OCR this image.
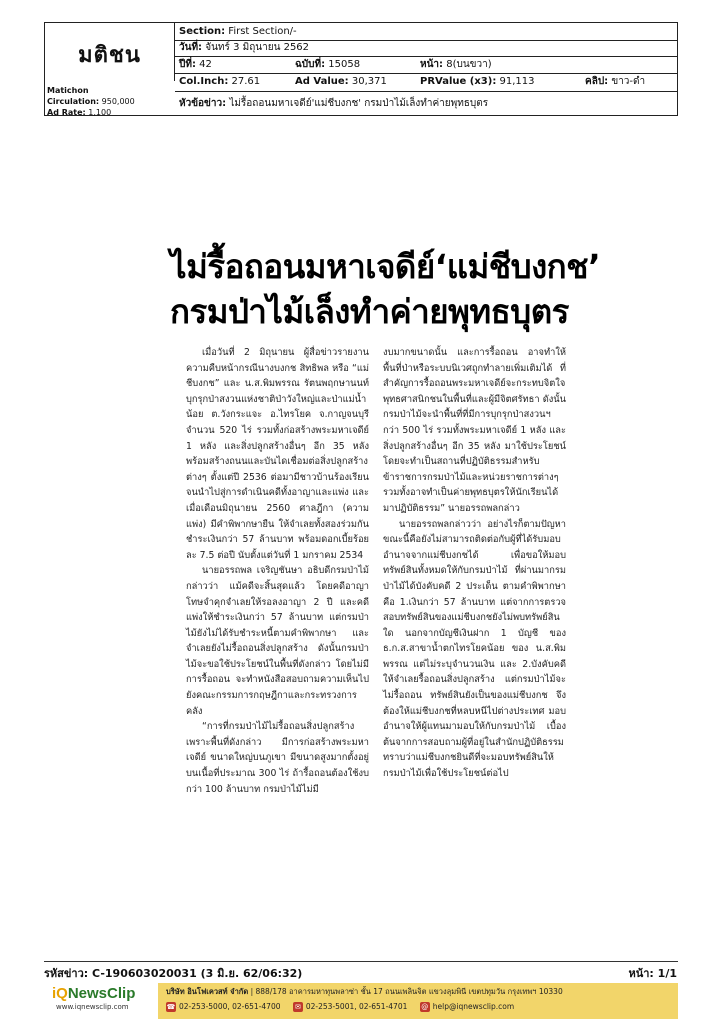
มติชน
Matichon
Circulation: 950,000
Ad Rate: 1,100
Section: First Section/-
วันที่: จันทร์ 3 มิถุนายน 2562
ปีที่: 42	ฉบับที่: 15058	หน้า: 8(บนขวา)
Col.Inch: 27.61	Ad Value: 30,371	PRValue (x3): 91,113	คลิป: ขาว-ดำ
หัวข้อข่าว: ไม่รื้อถอนมหาเจดีย์'แม่ชีบงกช' กรมป่าไม้เล็งทำค่ายพุทธบุตร
ไม่รื้อถอนมหาเจดีย์‘แม่ชีบงกช’
กรมป่าไม้เล็งทำค่ายพุทธบุตร

เมื่อวันที่ 2 มิถุนายน ผู้สื่อข่าวรายงานความคืบหน้ากรณีนางบงกช สิทธิพล หรือ “แม่ชีบงกช” และ น.ส.พิมพรรณ รัตนพฤกษานนท์ บุกรุกป่าสงวนแห่งชาติป่าวังใหญ่และป่าแม่น้ำน้อย ต.วังกระแจะ อ.ไทรโยค จ.กาญจนบุรี จำนวน 520 ไร่ รวมทั้งก่อสร้างพระมหาเจดีย์ 1 หลัง และสิ่งปลูกสร้างอื่นๆ อีก 35 หลัง พร้อมสร้างถนนและบันไดเชื่อมต่อสิ่งปลูกสร้างต่างๆ ตั้งแต่ปี 2536 ต่อมามีชาวบ้านร้องเรียน จนนำไปสู่การดำเนินคดีทั้งอาญาและแพ่ง และเมื่อเดือนมิถุนายน 2560 ศาลฎีกา (ความแพ่ง) มีคำพิพากษายืน ให้จำเลยทั้งสองร่วมกันชำระเงินกว่า 57 ล้านบาท พร้อมดอกเบี้ยร้อยละ 7.5 ต่อปี นับตั้งแต่วันที่ 1 มกราคม 2534

นายอรรถพล เจริญชันษา อธิบดีกรมป่าไม้ กล่าวว่า แม้คดีจะสิ้นสุดแล้ว โดยคดีอาญาโทษจำคุกจำเลยให้รอลงอาญา 2 ปี และคดีแพ่งให้ชำระเงินกว่า 57 ล้านบาท แต่กรมป่าไม้ยังไม่ได้รับชำระหนี้ตามคำพิพากษา และจำเลยยังไม่รื้อถอนสิ่งปลูกสร้าง ดังนั้นกรมป่าไม้จะขอใช้ประโยชน์ในพื้นที่ดังกล่าว โดยไม่มีการรื้อถอน จะทำหนังสือสอบถามความเห็นไปยังคณะกรรมการกฤษฎีกาและกระทรวงการคลัง

“การที่กรมป่าไม้ไม่รื้อถอนสิ่งปลูกสร้างเพราะพื้นที่ดังกล่าว มีการก่อสร้างพระมหาเจดีย์ ขนาดใหญ่บนภูเขา มีขนาดสูงมากตั้งอยู่บนเนื้อที่ประมาณ 300 ไร่ ถ้ารื้อถอนต้องใช้งบกว่า 100 ล้านบาท กรมป่าไม้ไม่มี

งบมากขนาดนั้น และการรื้อถอน อาจทำให้พื้นที่ป่าหรือระบบนิเวศถูกทำลายเพิ่มเติมได้ ที่สำคัญการรื้อถอนพระมหาเจดีย์จะกระทบจิตใจพุทธศาสนิกชนในพื้นที่และผู้มีจิตศรัทธา ดังนั้นกรมป่าไม้จะนำพื้นที่ที่มีการบุกรุกป่าสงวนฯ กว่า 500 ไร่ รวมทั้งพระมหาเจดีย์ 1 หลัง และสิ่งปลูกสร้างอื่นๆ อีก 35 หลัง มาใช้ประโยชน์ โดยจะทำเป็นสถานที่ปฏิบัติธรรมสำหรับข้าราชการกรมป่าไม้และหน่วยราชการต่างๆ รวมทั้งอาจทำเป็นค่ายพุทธบุตรให้นักเรียนได้มาปฏิบัติธรรม” นายอรรถพลกล่าว

นายอรรถพลกล่าวว่า อย่างไรก็ตามปัญหาขณะนี้คือยังไม่สามารถติดต่อกับผู้ที่ได้รับมอบอำนาจจากแม่ชีบงกชได้ เพื่อขอให้มอบทรัพย์สินทั้งหมดให้กับกรมป่าไม้ ที่ผ่านมากรมป่าไม้ได้บังคับคดี 2 ประเด็น ตามคำพิพากษา คือ 1.เงินกว่า 57 ล้านบาท แต่จากการตรวจสอบทรัพย์สินของแม่ชีบงกชยังไม่พบทรัพย์สินใด นอกจากบัญชีเงินฝาก 1 บัญชี ของ ธ.ก.ส.สาขาน้ำตกไทรโยคน้อย ของ น.ส.พิมพรรณ แต่ไม่ระบุจำนวนเงิน และ 2.บังคับคดีให้จำเลยรื้อถอนสิ่งปลูกสร้าง แต่กรมป่าไม้จะไม่รื้อถอน ทรัพย์สินยังเป็นของแม่ชีบงกช จึงต้องให้แม่ชีบงกชที่หลบหนีไปต่างประเทศ มอบอำนาจให้ผู้แทนมามอบให้กับกรมป่าไม้ เบื้องต้นจากการสอบถามผู้ที่อยู่ในสำนักปฏิบัติธรรม ทราบว่าแม่ชีบงกชยินดีที่จะมอบทรัพย์สินให้กรมป่าไม้เพื่อใช้ประโยชน์ต่อไป

รหัสข่าว: C-190603020031 (3 มิ.ย. 62/06:32)	หน้า: 1/1
iQNewsClip
www.iqnewsclip.com
บริษัท อินโฟเควสท์ จำกัด | 888/178 อาคารมหาทุนพลาซ่า ชั้น 17 ถนนเพลินจิต แขวงลุมพินี เขตปทุมวัน กรุงเทพฯ 10330
☎ 02-253-5000, 02-651-4700 ✉ 02-253-5001, 02-651-4701 @ help@iqnewsclip.com
